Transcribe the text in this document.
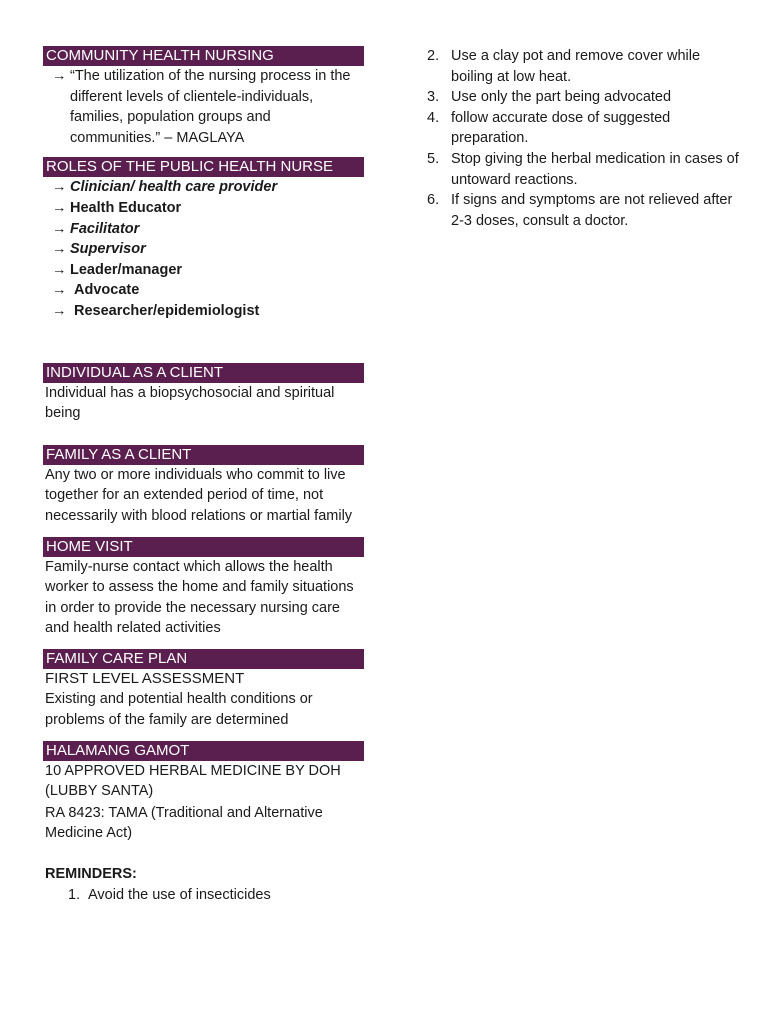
COMMUNITY HEALTH NURSING
→ “The utilization of the nursing process in the different levels of clientele-individuals, families, population groups and communities.” – MAGLAYA
ROLES OF THE PUBLIC HEALTH NURSE
→ Clinician/ health care provider
→ Health Educator
→ Facilitator
→ Supervisor
→ Leader/manager
→ Advocate
→ Researcher/epidemiologist
INDIVIDUAL AS A CLIENT
Individual has a biopsychosocial and spiritual being
FAMILY AS A CLIENT
Any two or more individuals who commit to live together for an extended period of time, not necessarily with blood relations or martial family
HOME VISIT
Family-nurse contact which allows the health worker to assess the home and family situations in order to provide the necessary nursing care and health related activities
FAMILY CARE PLAN
FIRST LEVEL ASSESSMENT
Existing and potential health conditions or problems of the family are determined
HALAMANG GAMOT
10 APPROVED HERBAL MEDICINE BY DOH (LUBBY SANTA)
RA 8423: TAMA (Traditional and Alternative Medicine Act)
REMINDERS:
1. Avoid the use of insecticides
2. Use a clay pot and remove cover while boiling at low heat.
3. Use only the part being advocated
4. follow accurate dose of suggested preparation.
5. Stop giving the herbal medication in cases of untoward reactions.
6. If signs and symptoms are not relieved after 2-3 doses, consult a doctor.
